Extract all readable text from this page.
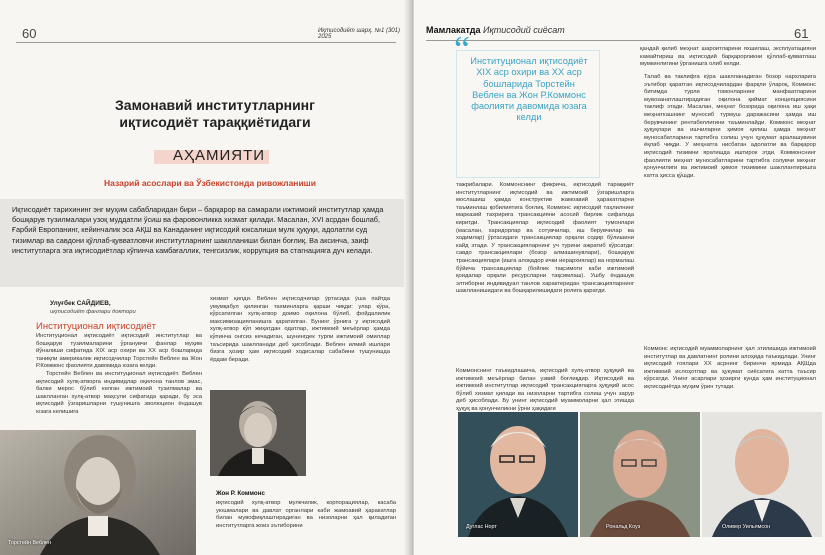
60	Иқтисодиёт шарҳ. №1 (301) 2025
Замонавий институтларнинг иқтисодиёт тараққиётидаги
АҲАМИЯТИ
Назарий асослари ва Ўзбекистонда ривожланиши

Иқтисодиёт тарихининг энг муҳим сабабларидан бири – барқарор ва самарали ижтимоий институтлар ҳамда бошқарув тузилмалари узоқ муддатли ўсиш ва фаровонликка хизмат қилади. Масалан, XVI асрдан бошлаб, Ғарбий Европанинг, кейинчалик эса АҚШ ва Канаданинг иқтисодий юксалиши мулк ҳуқуқи, адолатли суд тизимлар ва савдони қўллаб-қувватловчи институтларнинг шаклланиши билан боғлиқ. Ва аксинча, заиф институтларга эга иқтисодиётлар кўпинча камбағаллик, тенгсизлик, коррупция ва стагнацияга дуч келади.

Улуғбек САЙДИЕВ,
иқтисодиёт фанлари доктори
Институционал иқтисодиёт

Институционал иқтисодиёт иқтисодий институтлар ва бошқарув тузилмаларини ўрганувчи фанлар муҳим йўналиши сифатида XIX аср охири ва XX аср бошларида таниқли америкалик иқтисодчилар Торстейн Веблен ва Жон Р.Коммонс фаолияти давомида юзага келди.

Торстейн Веблен ва институционал иқтисодиёт. Веблен иқтисодий хулқ-атворга индивидлар оқилона танлов эмас, балки мерос бўлиб келган ижтимоий тузилмалар ва шаклланган хулқ-атвор маҳсули сифатида қаради, бу эса иқтисодий ўзгаришларни тушунишга эволюцион ёндашув юзага келишига

хизмат қилди. Веблен иқтисодчилар ўртасида ўша пайтда умумқабул қилинган тахминларга қарши чиқди: улар кўра, кўрсатилган хулқ-атвор доимо оқилона бўлиб, фойдалилик максимизацияланишга қаратилган. Бунинг ўрнига у иқтисодий хулқ-атвор кўп жиҳатдан одатлар, ижтимоий меъёрлар ҳамда кўпинча онгсиз кечадиган, шунингдек турли ижтимоий омиллар таъсирида шаклланади деб ҳисоблади. Веблен илмий ишлари бизга ҳозир ҳам иқтисодий ходисалар сабабини тушунишда ёрдам беради.

Жон Р. Коммонс

иқтисодий хулқ-атвор мулкчилик, корпорациялар, касаба уюшмалари ва давлат органлари каби жамоавий ҳаракатлар билан мувофиқлаштирадиган ва низоларни ҳал қиладиган институтларга жоиз эътиборини

Торстейн Веблен
Мамлакатда Иқтисодий сиёсат	61
“ Институционал иқтисодиёт XIX аср охири ва XX аср бошларида Торстейн Веблен ва Жон Р.Коммонс фаолияти давомида юзага келди

қандай қилиб меҳнат шароитларини яхшилаш, эксплуатацияни камайтириш ва иқтисодий барқарорликни қўллаб-қувватлаш мумкинлигини ўрганишга олиб келди.

тажрибалари. Коммонснинг фикрича, иқтисодий тараққиёт институтларнинг иқтисодий ва ижтимоий ўзгаришларга мослашиш ҳамда конструктив жамоавий ҳаракатларни таъминлаш қобилиятига боғлиқ. Коммонс иқтисодий таҳлилнинг марказий тахририга трансакцияни асосий бирлик сифатида киритди. Трансакциялар иқтисодий фаолият тумонлари (масалан, харидорлар ва сотувчилар, иш берувчилар ва ходимлар) ўртасидаги трансакциялар орқали содир бўлишини кайд этади. У трансакцияларнинг уч турини ажратиб кўрсатди: савдо трансакциялари (бозор алмашинувлари), бошқарув трансакциялари (ишга алоқадор ички иерархиялар) ва нормалаш бўйича трансакциялар (бойлик тақсимоти каби ижтимоий қоидалар орқали ресурсларни тақсимлаш). Ушбу ёндашув элтиборни индивидуал танлов характеридан трансакцияларнинг шаклланишидаги ва бошқарилишидаги ролига қаратди.

Коммонснинг таъкидлашича, иқтисодий хулқ-атвор ҳуқуқий ва ижтимоий меъёрлар билан узвий боғлиқдир. Иқтисодий ва ижтимоий институтлар иқтисодий трансакцияларга ҳуқуқий асос бўлиб хизмат қилади ва низоларни тартибга солиш учун зарур деб ҳисоблади. Бу унинг иқтисодий муаммоларни ҳал этишда ҳуқуқ ва қонунчиликни ўрни ҳақидаги

Талаб ва таклифга кўра шаклланадиган бозор нархларига эътибор қаратган иқтисодчилардан фарқли ўлароқ, Коммонс битимда турли томонларнинг манфаатларини мувозанатлаштирадиган оқилона қиймат концепциясини таклиф этади. Масалан, меҳнат бозорида оқилона иш ҳақи меҳнаткашнинг муносиб турмуш даражасини ҳамда иш берувчининг рентабеллигини таъминлайди. Коммонс меҳнат ҳуқуқлари ва ишчиларни ҳимоя қилиш ҳамда меҳнат муносабатларини тартибга солиш учун ҳукумат аралашувини ёқлаб чиқди. У меҳнатга нисбатан адолатли ва барқарор иқтисодий тизимни яратишда иштирок этди. Коммонснинг фаолияти меҳнат муносабатларини тартибга солувчи меҳнат қонунчилиги ва ижтимоий ҳимоя тизимини шакллантиришга катта ҳисса қўшди.

Коммонс иқтисодий муаммоларнинг ҳал этилишида ижтимоий институтлар ва давлатнинг ролини алоҳида таъкидлади. Унинг иқтисодий ғоялари XX асрнинг биринчи ярмида АҚШда ижтимоий ислоҳотлар ва ҳукумат сиёсатига катта таъсир кўрсатди. Унинг асарлари ҳозирги кунда ҳам институционал иқтисодиётда муҳим ўрин тутади.

Дуглас Норт	Рональд Коуз	Оливер Уильямсон
